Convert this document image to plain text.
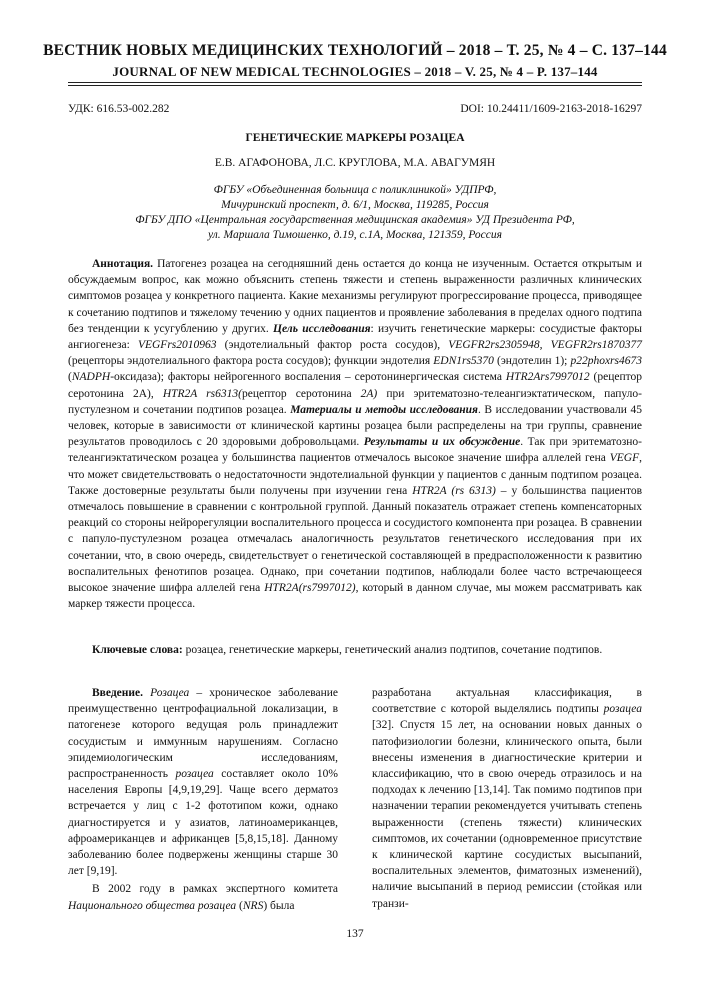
ВЕСТНИК НОВЫХ МЕДИЦИНСКИХ ТЕХНОЛОГИЙ – 2018 – Т. 25, № 4 – С. 137–144
JOURNAL OF NEW MEDICAL TECHNOLOGIES – 2018 – V. 25, № 4 – P. 137–144
УДК: 616.53-002.282	DOI: 10.24411/1609-2163-2018-16297
ГЕНЕТИЧЕСКИЕ МАРКЕРЫ РОЗАЦЕА
Е.В. АГАФОНОВА, Л.С. КРУГЛОВА, М.А. АВАГУМЯН
ФГБУ «Объединенная больница с поликлиникой» УДПРФ,
Мичуринский проспект, д. 6/1, Москва, 119285, Россия
ФГБУ ДПО «Центральная государственная медицинская академия» УД Президента РФ,
ул. Маршала Тимошенко, д.19, с.1А, Москва, 121359, Россия

Аннотация. Патогенез розацеа на сегодняшний день остается до конца не изученным. Остается открытым и обсуждаемым вопрос, как можно объяснить степень тяжести и степень выраженности различных клинических симптомов розацеа у конкретного пациента. Какие механизмы регулируют прогрессирование процесса, приводящее к сочетанию подтипов и тяжелому течению у одних пациентов и проявление заболевания в пределах одного подтипа без тенденции к усугублению у других. Цель исследования: изучить генетические маркеры: сосудистые факторы ангиогенеза: VEGFrs2010963 (эндотелиальный фактор роста сосудов), VEGFR2rs2305948, VEGFR2rs1870377 (рецепторы эндотелиального фактора роста сосудов); функции эндотелия EDN1rs5370 (эндотелин 1); p22phoxrs4673 (NADPH-оксидаза); факторы нейрогенного воспаления – серотонинергическая система HTR2Ars7997012 (рецептор серотонина 2А), HTR2A rs6313(рецептор серотонина 2A) при эритематозно-телеангиэктатическом, папуло-пустулезном и сочетании подтипов розацеа. Материалы и методы исследования. В исследовании участвовали 45 человек, которые в зависимости от клинической картины розацеа были распределены на три группы, сравнение результатов проводилось с 20 здоровыми добровольцами. Результаты и их обсуждение. Так при эритематозно-телеангиэктатическом розацеа у большинства пациентов отмечалось высокое значение шифра аллелей гена VEGF, что может свидетельствовать о недостаточности эндотелиальной функции у пациентов с данным подтипом розацеа. Также достоверные результаты были получены при изучении гена HTR2A (rs 6313) – у большинства пациентов отмечалось повышение в сравнении с контрольной группой. Данный показатель отражает степень компенсаторных реакций со стороны нейрорегуляции воспалительного процесса и сосудистого компонента при розацеа. В сравнении с папуло-пустулезном розацеа отмечалась аналогичность результатов генетического исследования при их сочетании, что, в свою очередь, свидетельствует о генетической составляющей в предрасположенности к развитию воспалительных фенотипов розацеа. Однако, при сочетании подтипов, наблюдали более часто встречающееся высокое значение шифра аллелей гена HTR2A(rs7997012), который в данном случае, мы можем рассматривать как маркер тяжести процесса.

Ключевые слова: розацеа, генетические маркеры, генетический анализ подтипов, сочетание подтипов.

Введение. Розацеа – хроническое заболевание преимущественно центрофациальной локализации, в патогенезе которого ведущая роль принадлежит сосудистым и иммунным нарушениям. Согласно эпидемиологическим исследованиям, распространенность розацеа составляет около 10% населения Европы [4,9,19,29]. Чаще всего дерматоз встречается у лиц с 1-2 фототипом кожи, однако диагностируется и у азиатов, латиноамериканцев, афроамериканцев и африканцев [5,8,15,18]. Данному заболеванию более подвержены женщины старше 30 лет [9,19].

В 2002 году в рамках экспертного комитета Национального общества розацеа (NRS) была

разработана актуальная классификация, в соответствие с которой выделялись подтипы розацеа [32]. Спустя 15 лет, на основании новых данных о патофизиологии болезни, клинического опыта, были внесены изменения в диагностические критерии и классификацию, что в свою очередь отразилось и на подходах к лечению [13,14]. Так помимо подтипов при назначении терапии рекомендуется учитывать степень выраженности (степень тяжести) клинических симптомов, их сочетании (одновременное присутствие к клинической картине сосудистых высыпаний, воспалительных элементов, фиматозных изменений), наличие высыпаний в период ремиссии (стойкая или транзи-

137
